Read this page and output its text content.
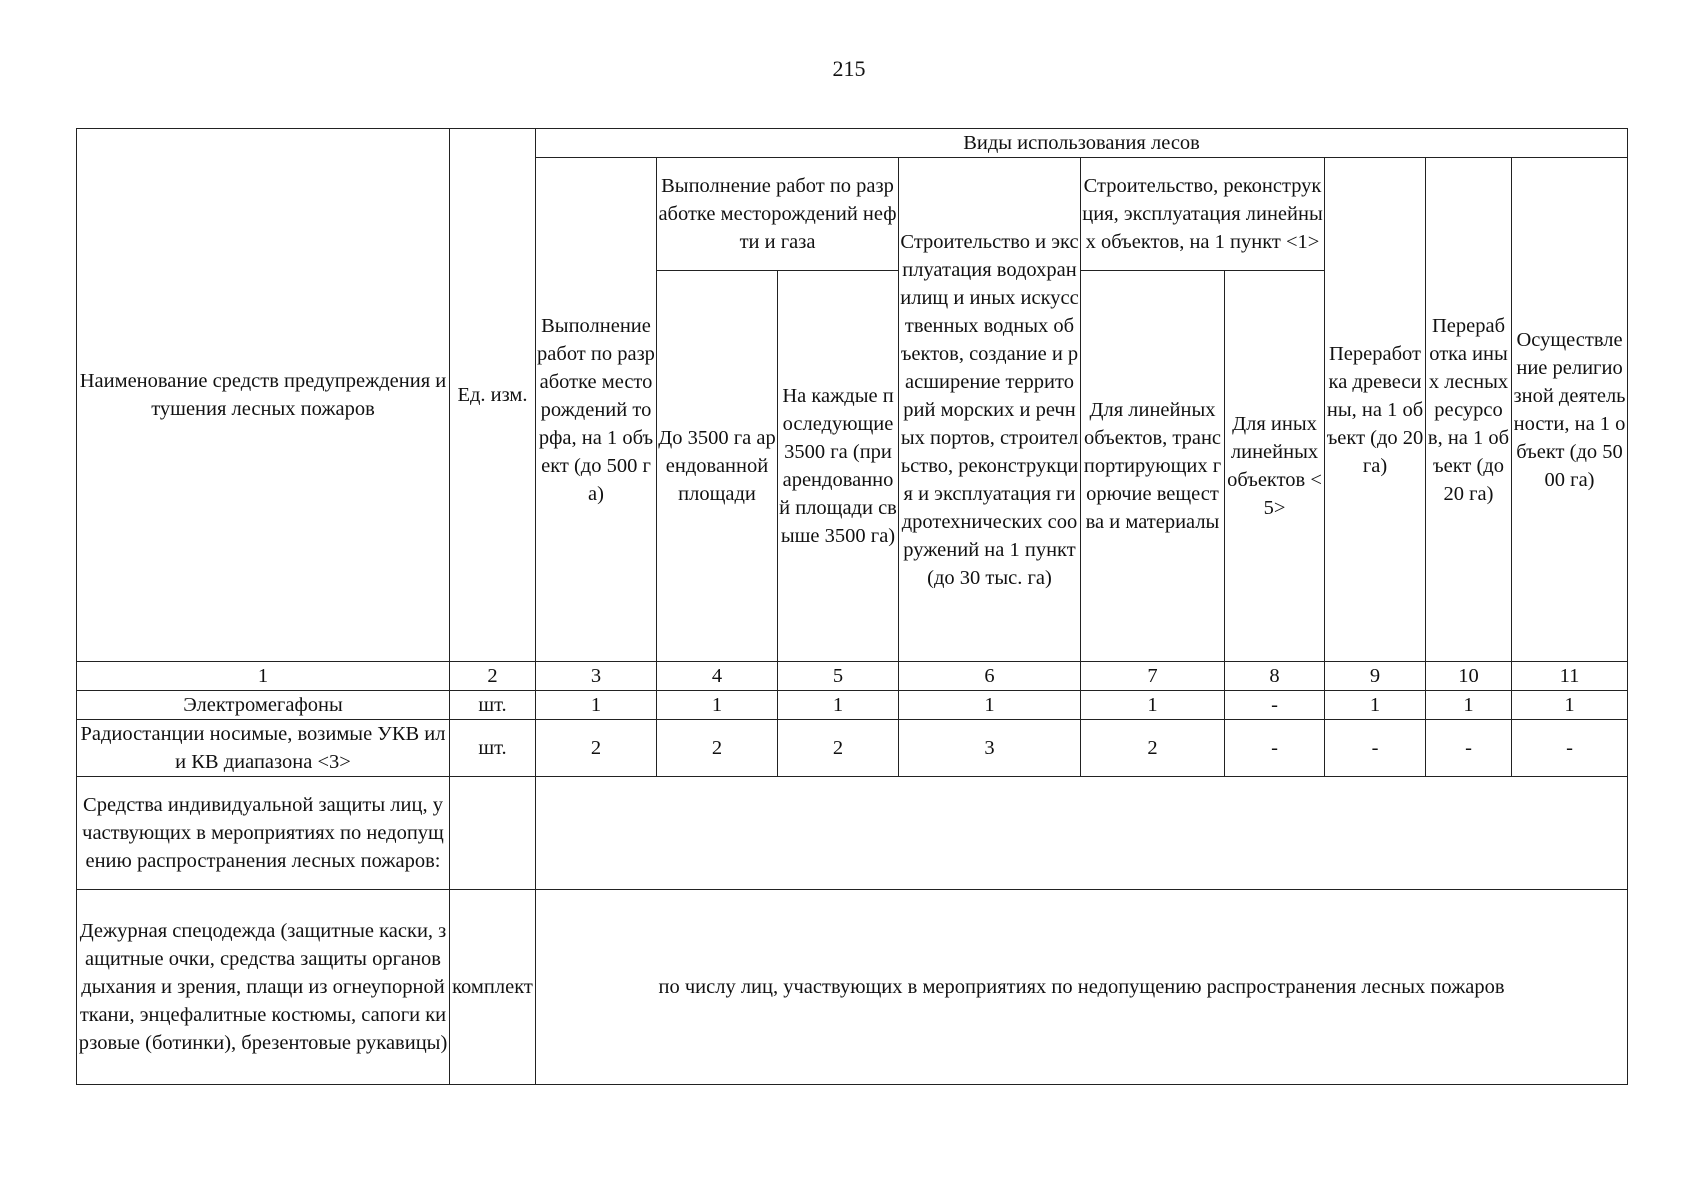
215
Наименование средств предупреждения и тушения лесных пожаров	Ед. изм.	Виды использования лесов									
		Выполнение работ по разработке месторождений торфа, на 1 объект (до 500 га)	Выполнение работ по разработке месторождений нефти и газа		Строительство и эксплуатация водохранилищ и иных искусственных водных объектов, создание и расширение территорий морских и речных портов, строительство, реконструкция и эксплуатация гидротехнических сооружений на 1 пункт (до 30 тыс. га)	Строительство, реконструкция, эксплуатация линейных объектов, на 1 пункт <1>		Переработка древесины, на 1 объект (до 20 га)	Переработка иных лесных ресурсов, на 1 объект (до 20 га)	Осуществление религиозной деятельности, на 1 объект (до 5000 га)	
			До 3500 га арендованной площади	На каждые последующие 3500 га (при арендованной площади свыше 3500 га)							
						Для линейных объектов, транспортирующих горючие вещества и материалы	Для иных линейных объектов <5>				

1	2	3	4	5	6	7	8	9	10	11	
Электромегафоны	шт.	1	1	1	1	1	-	1	1	1	
Радиостанции носимые, возимые УКВ или КВ диапазона <3>	шт.	2	2	2	3	2	-	-	-	-	
Средства индивидуальной защиты лиц, участвующих в мероприятиях по недопущению распространения лесных пожаров:											
Дежурная спецодежда (защитные каски, защитные очки, средства защиты органов дыхания и зрения, плащи из огнеупорной ткани, энцефалитные костюмы, сапоги кирзовые (ботинки), брезентовые рукавицы)	комплект	по числу лиц, участвующих в мероприятиях по недопущению распространения лесных пожаров									
